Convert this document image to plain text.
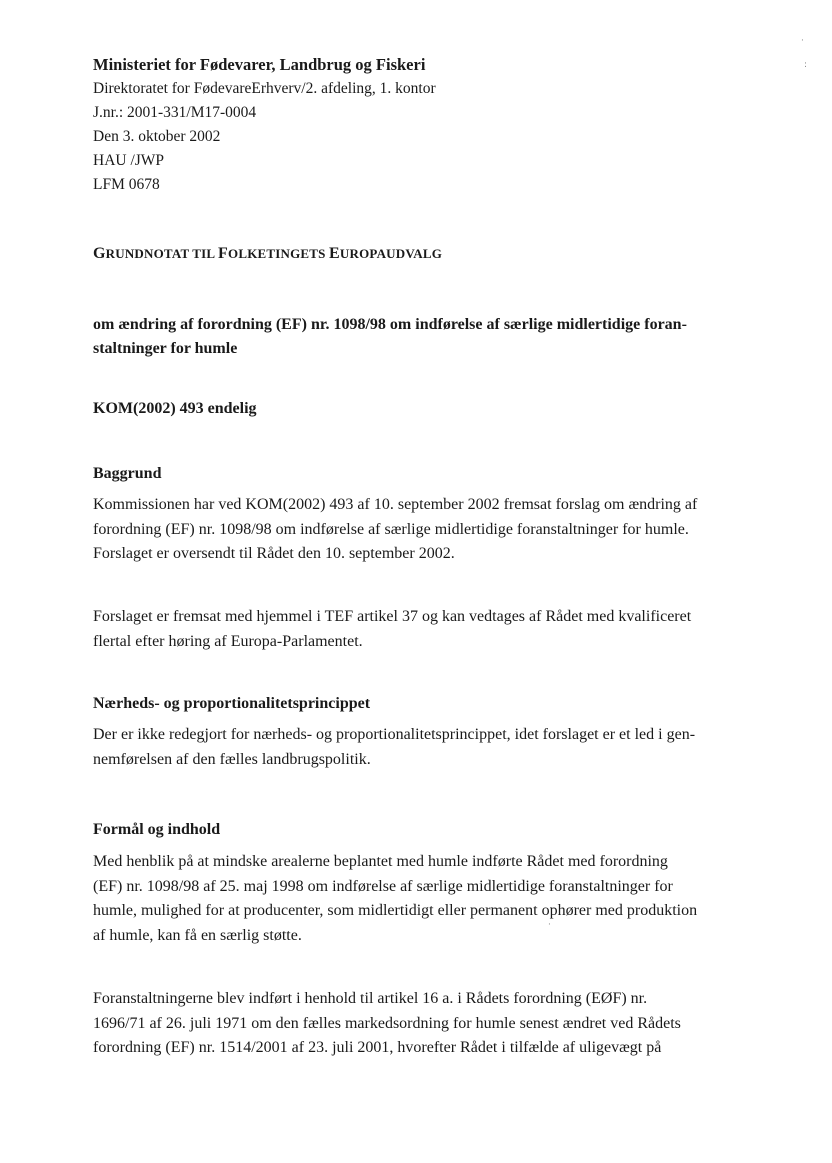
Ministeriet for Fødevarer, Landbrug og Fiskeri
Direktoratet for FødevareErhverv/2. afdeling, 1. kontor
J.nr.: 2001-331/M17-0004
Den 3. oktober 2002
HAU /JWP
LFM 0678
GRUNDNOTAT TIL FOLKETINGETS EUROPAUDVALG
om ændring af forordning (EF) nr. 1098/98 om indførelse af særlige midlertidige foran-
staltninger for humle
KOM(2002) 493 endelig
Baggrund
Kommissionen har ved KOM(2002) 493 af 10. september 2002 fremsat forslag om ændring af
forordning (EF) nr. 1098/98 om indførelse af særlige midlertidige foranstaltninger for humle.
Forslaget er oversendt til Rådet den 10. september 2002.
Forslaget er fremsat med hjemmel i TEF artikel 37 og kan vedtages af Rådet med kvalificeret
flertal efter høring af Europa-Parlamentet.
Nærheds- og proportionalitetsprincippet
Der er ikke redegjort for nærheds- og proportionalitetsprincippet, idet forslaget er et led i gen-
nemførelsen af den fælles landbrugspolitik.
Formål og indhold
Med henblik på at mindske arealerne beplantet med humle indførte Rådet med forordning
(EF) nr. 1098/98 af 25. maj 1998 om indførelse af særlige midlertidige foranstaltninger for
humle, mulighed for at producenter, som midlertidigt eller permanent ophører med produktion
af humle, kan få en særlig støtte.
Foranstaltningerne blev indført i henhold til artikel 16 a. i Rådets forordning (EØF) nr.
1696/71 af 26. juli 1971 om den fælles markedsordning for humle senest ændret ved Rådets
forordning (EF) nr. 1514/2001 af 23. juli 2001, hvorefter Rådet i tilfælde af uligevægt på
·
:
·
